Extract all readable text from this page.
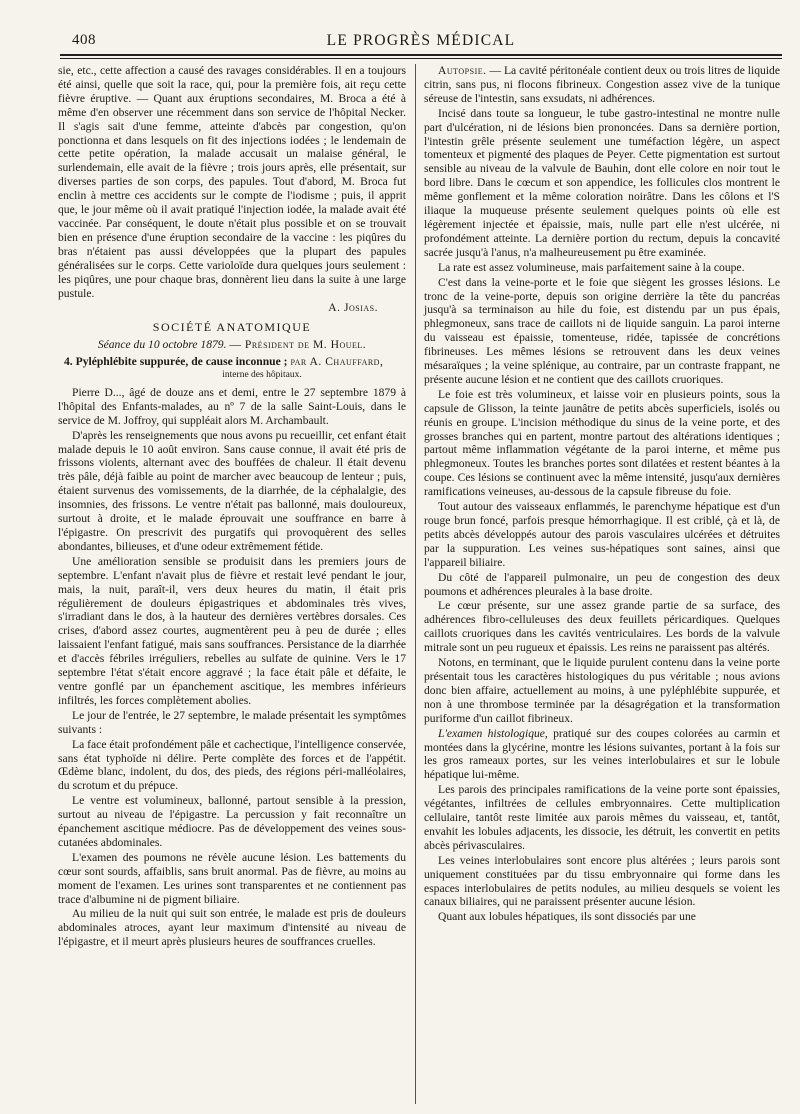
408	LE PROGRÈS MÉDICAL

sie, etc., cette affection a causé des ravages considérables. Il en a toujours été ainsi, quelle que soit la race, qui, pour la première fois, ait reçu cette fièvre éruptive. — Quant aux éruptions secondaires, M. Broca a été à même d'en observer une récemment dans son service de l'hôpital Necker. Il s'agis sait d'une femme, atteinte d'abcès par congestion, qu'on ponctionna et dans lesquels on fit des injections iodées ; le lendemain de cette petite opération, la malade accusait un malaise général, le surlendemain, elle avait de la fièvre ; trois jours après, elle présentait, sur diverses parties de son corps, des papules. Tout d'abord, M. Broca fut enclin à mettre ces accidents sur le compte de l'iodisme ; puis, il apprit que, le jour même où il avait pratiqué l'injection iodée, la malade avait été vaccinée. Par conséquent, le doute n'était plus possible et on se trouvait bien en présence d'une éruption secondaire de la vaccine : les piqûres du bras n'étaient pas aussi développées que la plupart des papules généralisées sur le corps. Cette varioloïde dura quelques jours seulement : les piqûres, une pour chaque bras, donnèrent lieu dans la suite à une large pustule.

A. Josias.

SOCIÉTÉ ANATOMIQUE

Séance du 10 octobre 1879. — Président de M. Houel.

4. Pyléphlébite suppurée, de cause inconnue ; par A. Chauffard,

interne des hôpitaux.

Pierre D..., âgé de douze ans et demi, entre le 27 septembre 1879 à l'hôpital des Enfants-malades, au nº 7 de la salle Saint-Louis, dans le service de M. Joffroy, qui suppléait alors M. Archambault.

D'après les renseignements que nous avons pu recueillir, cet enfant était malade depuis le 10 août environ. Sans cause connue, il avait été pris de frissons violents, alternant avec des bouffées de chaleur. Il était devenu très pâle, déjà faible au point de marcher avec beaucoup de lenteur ; puis, étaient survenus des vomissements, de la diarrhée, de la céphalalgie, des insomnies, des frissons. Le ventre n'était pas ballonné, mais douloureux, surtout à droite, et le malade éprouvait une souffrance en barre à l'épigastre. On prescrivit des purgatifs qui provoquèrent des selles abondantes, bilieuses, et d'une odeur extrêmement fétide.

Une amélioration sensible se produisit dans les premiers jours de septembre. L'enfant n'avait plus de fièvre et restait levé pendant le jour, mais, la nuit, paraît-il, vers deux heures du matin, il était pris régulièrement de douleurs épigastriques et abdominales très vives, s'irradiant dans le dos, à la hauteur des dernières vertèbres dorsales. Ces crises, d'abord assez courtes, augmentèrent peu à peu de durée ; elles laissaient l'enfant fatigué, mais sans souffrances. Persistance de la diarrhée et d'accès fébriles irréguliers, rebelles au sulfate de quinine. Vers le 17 septembre l'état s'était encore aggravé ; la face était pâle et défaite, le ventre gonflé par un épanchement ascitique, les membres inférieurs infiltrés, les forces complètement abolies.

Le jour de l'entrée, le 27 septembre, le malade présentait les symptômes suivants :

La face était profondément pâle et cachectique, l'intelligence conservée, sans état typhoïde ni délire. Perte complète des forces et de l'appétit. Œdème blanc, indolent, du dos, des pieds, des régions péri-malléolaires, du scrotum et du prépuce.

Le ventre est volumineux, ballonné, partout sensible à la pression, surtout au niveau de l'épigastre. La percussion y fait reconnaître un épanchement ascitique médiocre. Pas de développement des veines sous-cutanées abdominales.

L'examen des poumons ne révèle aucune lésion. Les battements du cœur sont sourds, affaiblis, sans bruit anormal. Pas de fièvre, au moins au moment de l'examen. Les urines sont transparentes et ne contiennent pas trace d'albumine ni de pigment biliaire.

Au milieu de la nuit qui suit son entrée, le malade est pris de douleurs abdominales atroces, ayant leur maximum d'intensité au niveau de l'épigastre, et il meurt après plusieurs heures de souffrances cruelles.

Autopsie. — La cavité péritonéale contient deux ou trois litres de liquide citrin, sans pus, ni flocons fibrineux. Congestion assez vive de la tunique séreuse de l'intestin, sans exsudats, ni adhérences.

Incisé dans toute sa longueur, le tube gastro-intestinal ne montre nulle part d'ulcération, ni de lésions bien prononcées. Dans sa dernière portion, l'intestin grêle présente seulement une tuméfaction légère, un aspect tomenteux et pigmenté des plaques de Peyer. Cette pigmentation est surtout sensible au niveau de la valvule de Bauhin, dont elle colore en noir tout le bord libre. Dans le cœcum et son appendice, les follicules clos montrent le même gonflement et la même coloration noirâtre. Dans les côlons et l'S iliaque la muqueuse présente seulement quelques points où elle est légèrement injectée et épaissie, mais, nulle part elle n'est ulcérée, ni profondément atteinte. La dernière portion du rectum, depuis la concavité sacrée jusqu'à l'anus, n'a malheureusement pu être examinée.

La rate est assez volumineuse, mais parfaitement saine à la coupe.

C'est dans la veine-porte et le foie que siègent les grosses lésions. Le tronc de la veine-porte, depuis son origine derrière la tête du pancréas jusqu'à sa terminaison au hile du foie, est distendu par un pus épais, phlegmoneux, sans trace de caillots ni de liquide sanguin. La paroi interne du vaisseau est épaissie, tomenteuse, ridée, tapissée de concrétions fibrineuses. Les mêmes lésions se retrouvent dans les deux veines mésaraïques ; la veine splénique, au contraire, par un contraste frappant, ne présente aucune lésion et ne contient que des caillots cruoriques.

Le foie est très volumineux, et laisse voir en plusieurs points, sous la capsule de Glisson, la teinte jaunâtre de petits abcès superficiels, isolés ou réunis en groupe. L'incision méthodique du sinus de la veine porte, et des grosses branches qui en partent, montre partout des altérations identiques ; partout même inflammation végétante de la paroi interne, et même pus phlegmoneux. Toutes les branches portes sont dilatées et restent béantes à la coupe. Ces lésions se continuent avec la même intensité, jusqu'aux dernières ramifications veineuses, au-dessous de la capsule fibreuse du foie.

Tout autour des vaisseaux enflammés, le parenchyme hépatique est d'un rouge brun foncé, parfois presque hémorrhagique. Il est criblé, çà et là, de petits abcès développés autour des parois vasculaires ulcérées et détruites par la suppuration. Les veines sus-hépatiques sont saines, ainsi que l'appareil biliaire.

Du côté de l'appareil pulmonaire, un peu de congestion des deux poumons et adhérences pleurales à la base droite.

Le cœur présente, sur une assez grande partie de sa surface, des adhérences fibro-celluleuses des deux feuillets péricardiques. Quelques caillots cruoriques dans les cavités ventriculaires. Les bords de la valvule mitrale sont un peu rugueux et épaissis. Les reins ne paraissent pas altérés.

Notons, en terminant, que le liquide purulent contenu dans la veine porte présentait tous les caractères histologiques du pus véritable ; nous avions donc bien affaire, actuellement au moins, à une pyléphlébite suppurée, et non à une thrombose terminée par la désagrégation et la transformation puriforme d'un caillot fibrineux.

L'examen histologique, pratiqué sur des coupes colorées au carmin et montées dans la glycérine, montre les lésions suivantes, portant à la fois sur les gros rameaux portes, sur les veines interlobulaires et sur le lobule hépatique lui-même.

Les parois des principales ramifications de la veine porte sont épaissies, végétantes, infiltrées de cellules embryonnaires. Cette multiplication cellulaire, tantôt reste limitée aux parois mêmes du vaisseau, et, tantôt, envahit les lobules adjacents, les dissocie, les détruit, les convertit en petits abcès périvasculaires.

Les veines interlobulaires sont encore plus altérées ; leurs parois sont uniquement constituées par du tissu embryonnaire qui forme dans les espaces interlobulaires de petits nodules, au milieu desquels se voient les canaux biliaires, qui ne paraissent présenter aucune lésion.

Quant aux lobules hépatiques, ils sont dissociés par une
